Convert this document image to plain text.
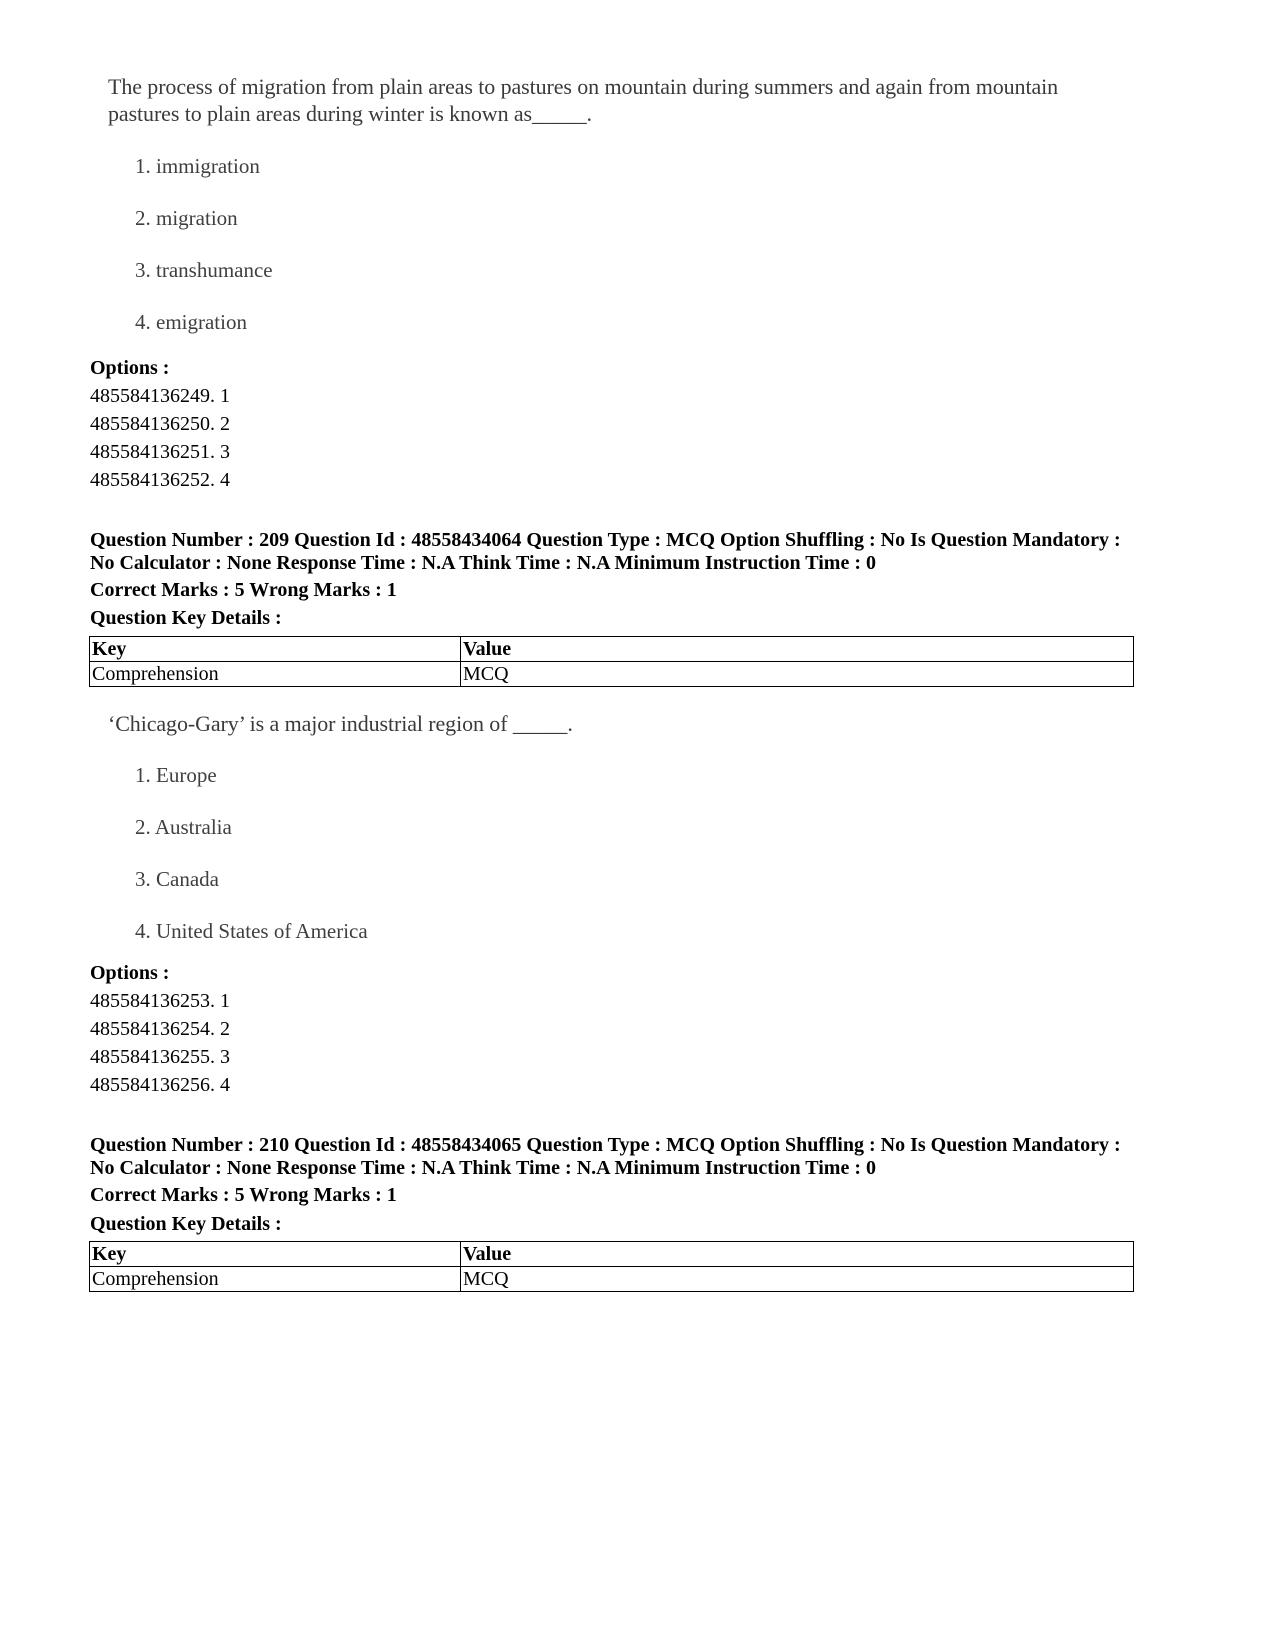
The process of migration from plain areas to pastures on mountain during summers and again from mountain

pastures to plain areas during winter is known as_____.

1. immigration
2. migration
3. transhumance
4. emigration
Options :
485584136249. 1
485584136250. 2
485584136251. 3
485584136252. 4
Question Number : 209 Question Id : 48558434064 Question Type : MCQ Option Shuffling : No Is Question Mandatory :
No Calculator : None Response Time : N.A Think Time : N.A Minimum Instruction Time : 0
Correct Marks : 5 Wrong Marks : 1
Question Key Details :
Key	Value
Comprehension	MCQ

‘Chicago-Gary’ is a major industrial region of _____.

1. Europe
2. Australia
3. Canada
4. United States of America
Options :
485584136253. 1
485584136254. 2
485584136255. 3
485584136256. 4
Question Number : 210 Question Id : 48558434065 Question Type : MCQ Option Shuffling : No Is Question Mandatory :
No Calculator : None Response Time : N.A Think Time : N.A Minimum Instruction Time : 0
Correct Marks : 5 Wrong Marks : 1
Question Key Details :
Key	Value
Comprehension	MCQ
